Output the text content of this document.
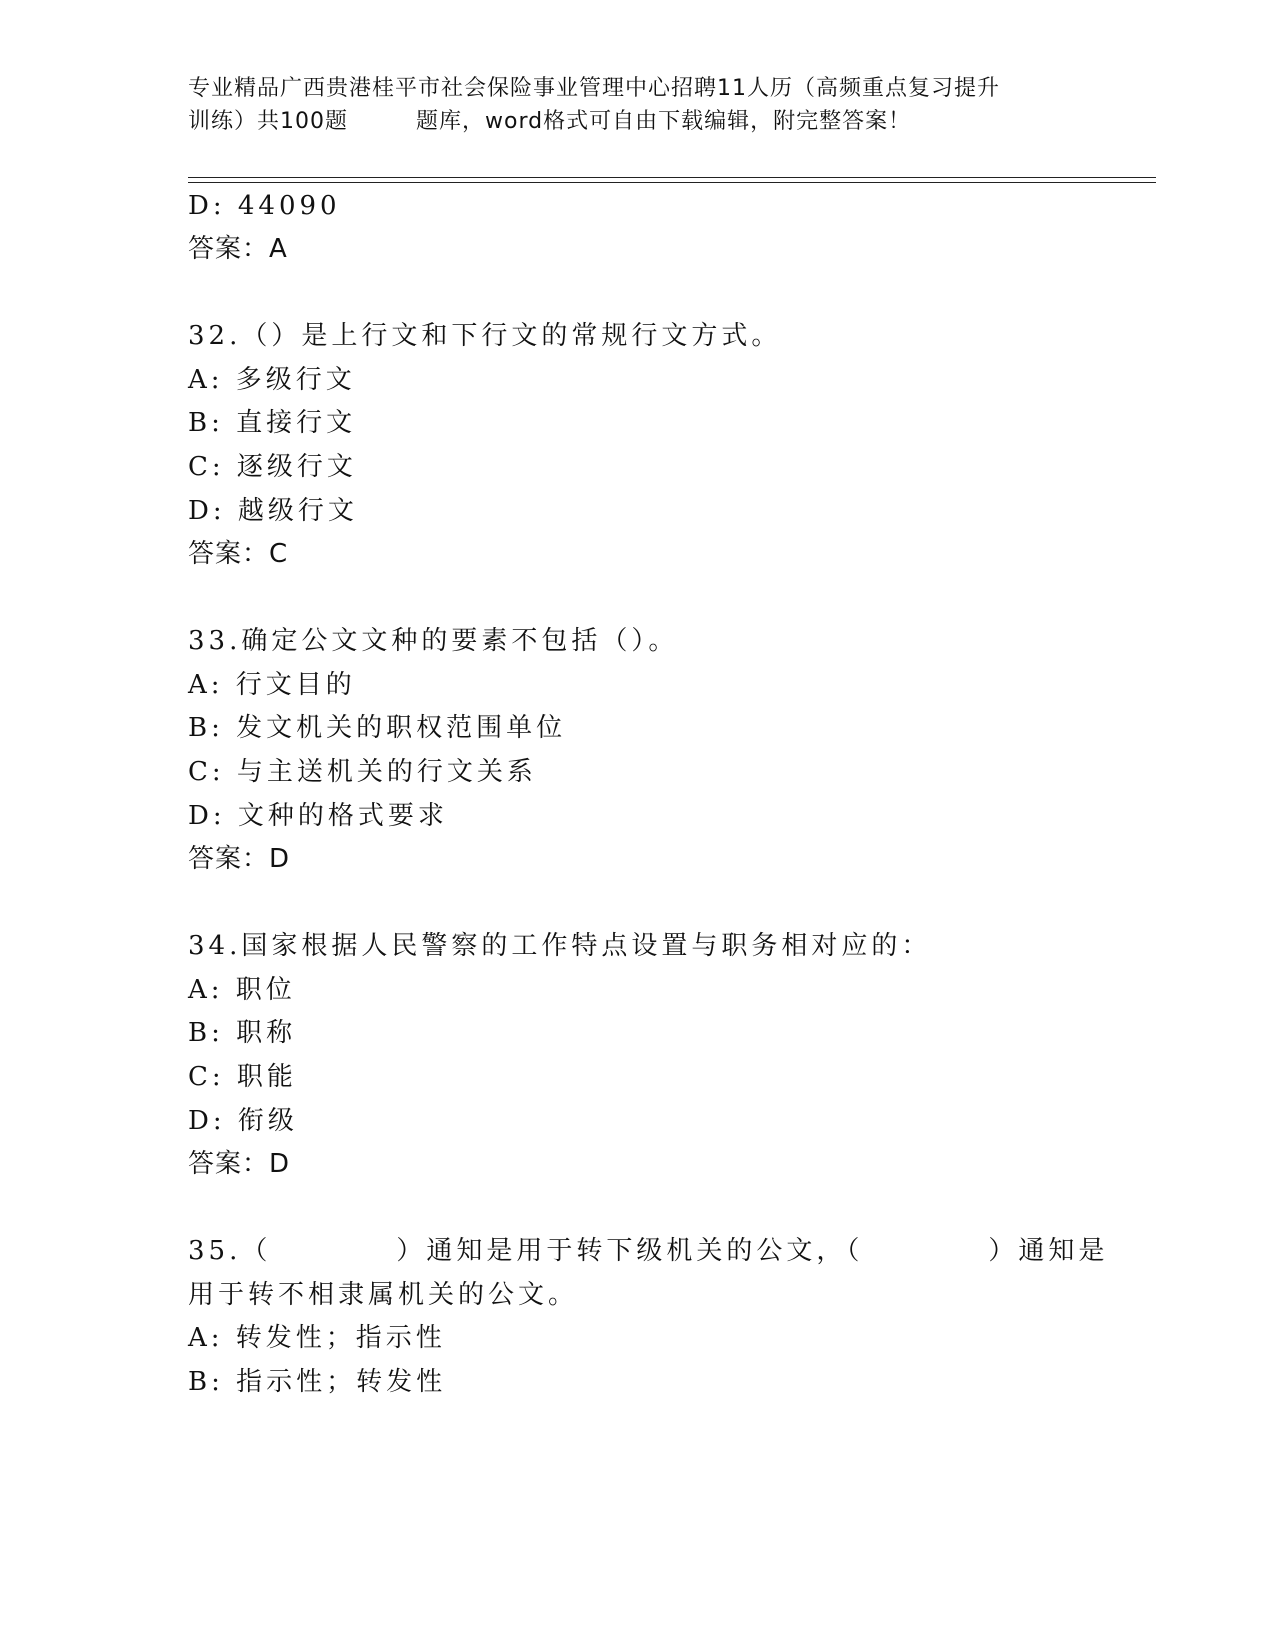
专业精品广西贵港桂平市社会保险事业管理中心招聘11人历（高频重点复习提升
训练）共100题	题库，word格式可自由下载编辑，附完整答案！
D: 44090
答案：A
32.（）是上行文和下行文的常规行文方式。
A: 多级行文
B: 直接行文
C: 逐级行文
D: 越级行文
答案：C
33.确定公文文种的要素不包括（）。
A: 行文目的
B: 发文机关的职权范围单位
C: 与主送机关的行文关系
D: 文种的格式要求
答案：D
34.国家根据人民警察的工作特点设置与职务相对应的：
A: 职位
B: 职称
C: 职能
D: 衔级
答案：D
35.（	）通知是用于转下级机关的公文，（	）通知是
用于转不相隶属机关的公文。
A: 转发性；指示性
B: 指示性；转发性
